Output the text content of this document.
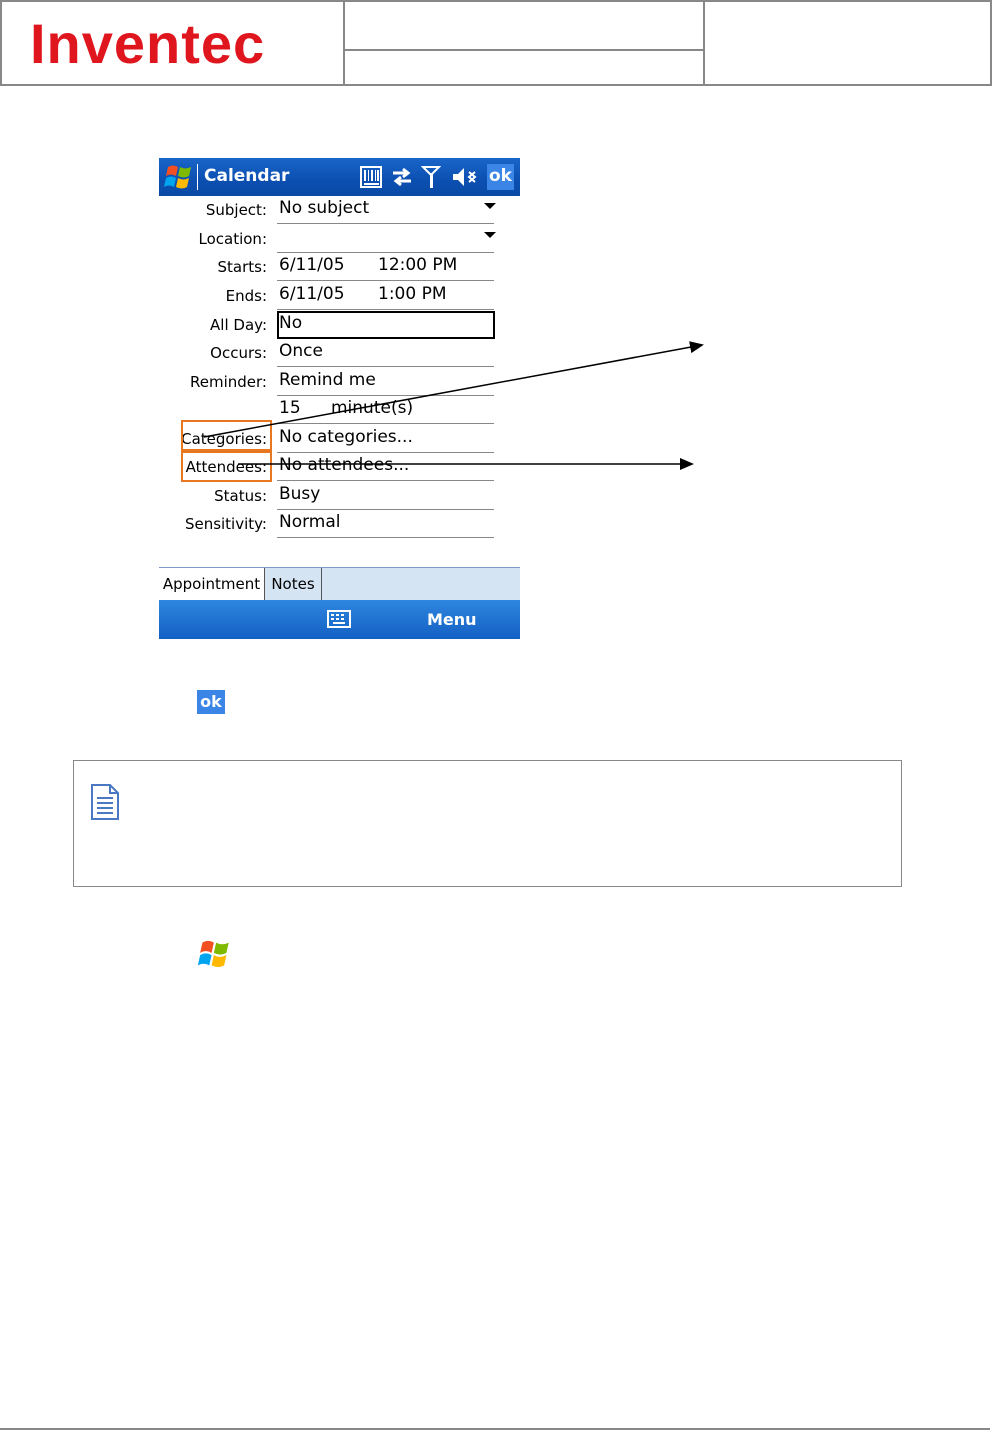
Inventec
Calendar	ok
Subject: No subject
Location:
Starts: 6/11/05 12:00 PM
Ends: 6/11/05 1:00 PM
All Day: No
Occurs: Once
Reminder: Remind me
15 minute(s)
Categories: No categories...
Attendees: No attendees...
Status: Busy
Sensitivity: Normal
Appointment Notes
Menu
ok
